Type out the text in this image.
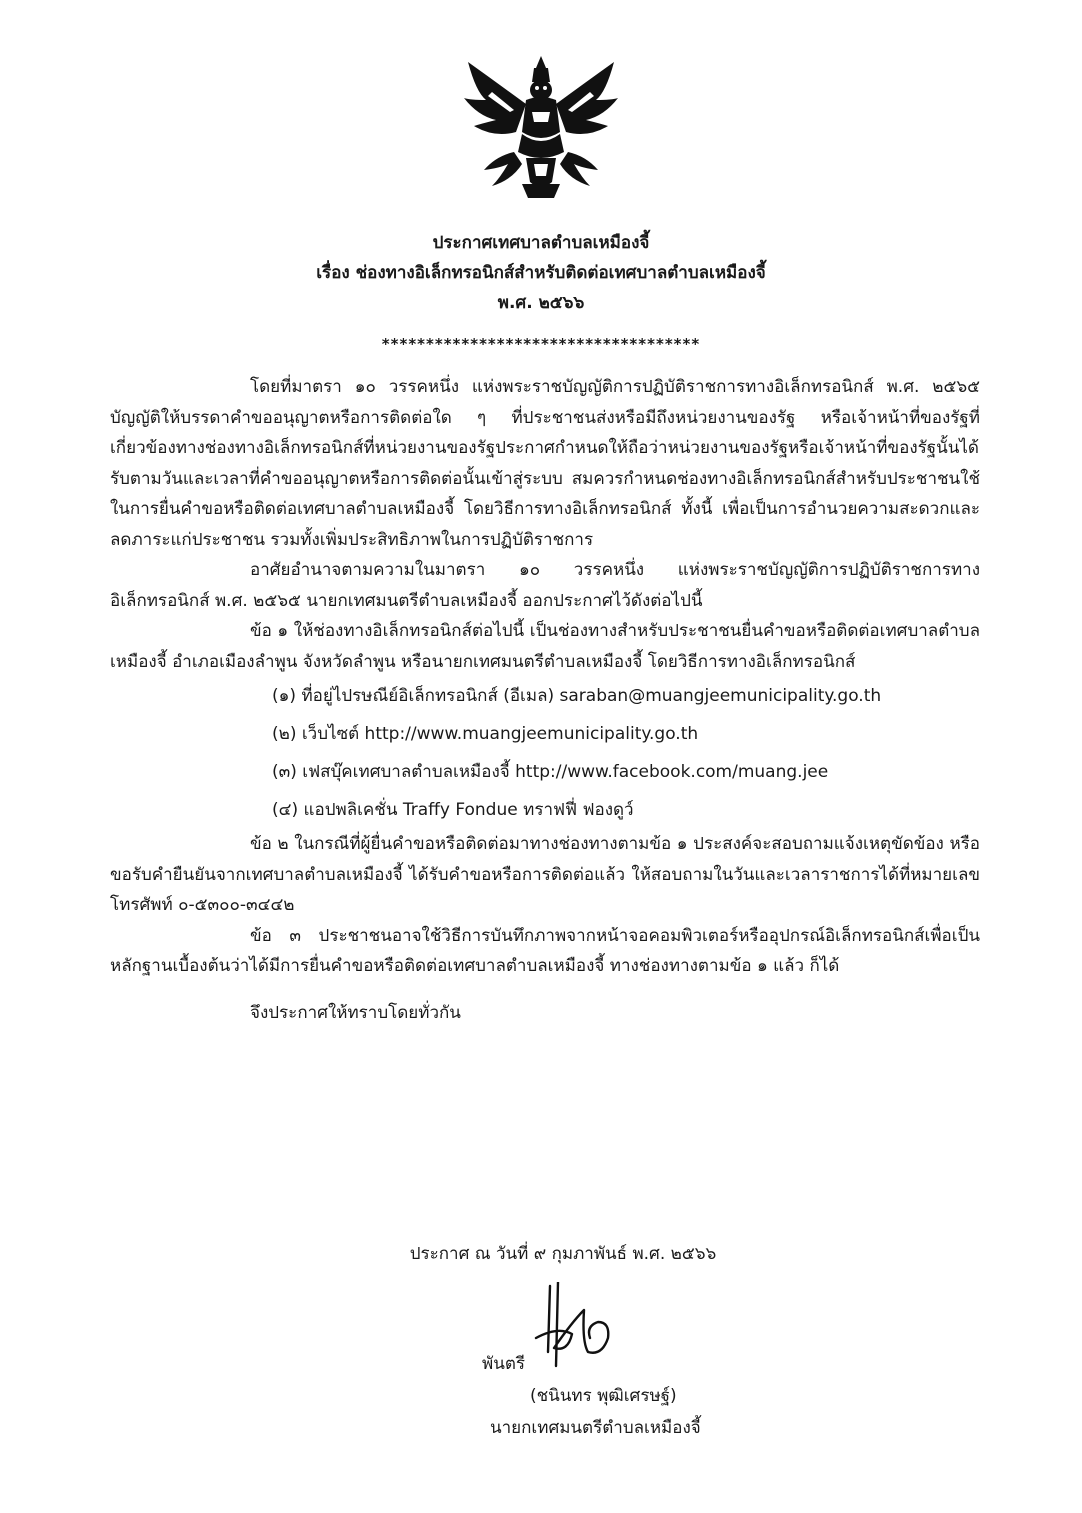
ประกาศเทศบาลตำบลเหมืองจี้
เรื่อง ช่องทางอิเล็กทรอนิกส์สำหรับติดต่อเทศบาลตำบลเหมืองจี้
พ.ศ. ๒๕๖๖
************************************

โดยที่มาตรา ๑๐ วรรคหนึ่ง แห่งพระราชบัญญัติการปฏิบัติราชการทางอิเล็กทรอนิกส์ พ.ศ. ๒๕๖๕ บัญญัติให้บรรดาคำขออนุญาตหรือการติดต่อใด ๆ ที่ประชาชนส่งหรือมีถึงหน่วยงานของรัฐ หรือเจ้าหน้าที่ของรัฐที่เกี่ยวข้องทางช่องทางอิเล็กทรอนิกส์ที่หน่วยงานของรัฐประกาศกำหนดให้ถือว่าหน่วยงานของรัฐหรือเจ้าหน้าที่ของรัฐนั้นได้รับตามวันและเวลาที่คำขออนุญาตหรือการติดต่อนั้นเข้าสู่ระบบ สมควรกำหนดช่องทางอิเล็กทรอนิกส์สำหรับประชาชนใช้ในการยื่นคำขอหรือติดต่อเทศบาลตำบลเหมืองจี้ โดยวิธีการทางอิเล็กทรอนิกส์ ทั้งนี้ เพื่อเป็นการอำนวยความสะดวกและลดภาระแก่ประชาชน รวมทั้งเพิ่มประสิทธิภาพในการปฏิบัติราชการ

อาศัยอำนาจตามความในมาตรา ๑๐ วรรคหนึ่ง แห่งพระราชบัญญัติการปฏิบัติราชการทางอิเล็กทรอนิกส์ พ.ศ. ๒๕๖๕ นายกเทศมนตรีตำบลเหมืองจี้ ออกประกาศไว้ดังต่อไปนี้

ข้อ ๑ ให้ช่องทางอิเล็กทรอนิกส์ต่อไปนี้ เป็นช่องทางสำหรับประชาชนยื่นคำขอหรือติดต่อเทศบาลตำบลเหมืองจี้ อำเภอเมืองลำพูน จังหวัดลำพูน หรือนายกเทศมนตรีตำบลเหมืองจี้ โดยวิธีการทางอิเล็กทรอนิกส์

(๑) ที่อยู่ไปรษณีย์อิเล็กทรอนิกส์ (อีเมล) saraban@muangjeemunicipality.go.th
(๒) เว็บไซต์ http://www.muangjeemunicipality.go.th
(๓) เฟสบุ๊คเทศบาลตำบลเหมืองจี้ http://www.facebook.com/muang.jee
(๔) แอปพลิเคชั่น Traffy Fondue ทราฟฟี่ ฟองดูว์

ข้อ ๒ ในกรณีที่ผู้ยื่นคำขอหรือติดต่อมาทางช่องทางตามข้อ ๑ ประสงค์จะสอบถามแจ้งเหตุขัดข้อง หรือขอรับคำยืนยันจากเทศบาลตำบลเหมืองจี้ ได้รับคำขอหรือการติดต่อแล้ว ให้สอบถามในวันและเวลาราชการได้ที่หมายเลขโทรศัพท์ ๐-๕๓๐๐-๓๔๔๒

ข้อ ๓ ประชาชนอาจใช้วิธีการบันทึกภาพจากหน้าจอคอมพิวเตอร์หรืออุปกรณ์อิเล็กทรอนิกส์เพื่อเป็นหลักฐานเบื้องต้นว่าได้มีการยื่นคำขอหรือติดต่อเทศบาลตำบลเหมืองจี้ ทางช่องทางตามข้อ ๑ แล้ว ก็ได้

จึงประกาศให้ทราบโดยทั่วกัน

ประกาศ ณ วันที่ ๙ กุมภาพันธ์ พ.ศ. ๒๕๖๖
พันตรี
(ชนินทร พุฒิเศรษฐ์)
นายกเทศมนตรีตำบลเหมืองจี้
